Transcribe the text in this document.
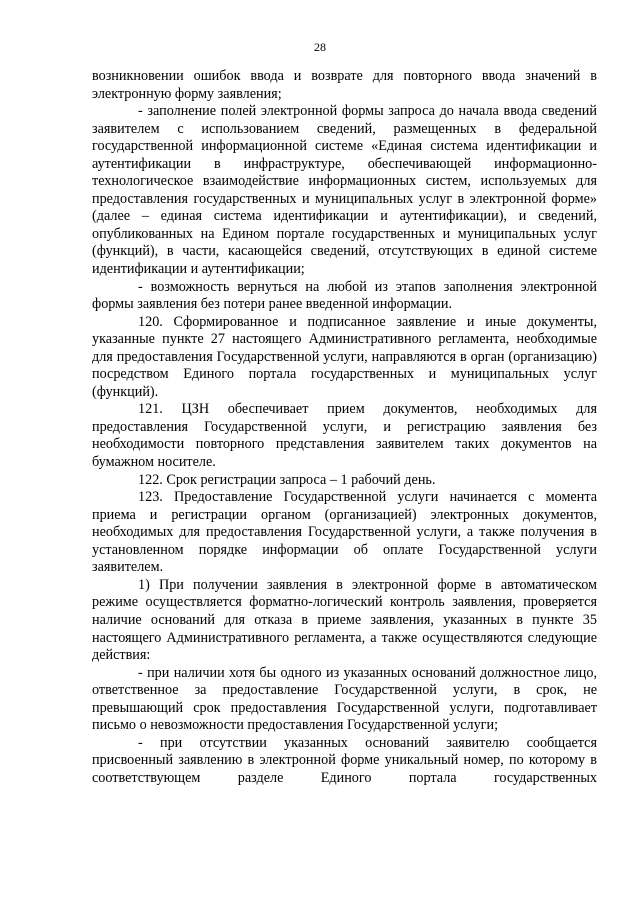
28

возникновении ошибок ввода и возврате для повторного ввода значений в электронную форму заявления;

- заполнение полей электронной формы запроса до начала ввода сведений заявителем с использованием сведений, размещенных в федеральной государственной информационной системе «Единая система идентификации и аутентификации в инфраструктуре, обеспечивающей информационно-технологическое взаимодействие информационных систем, используемых для предоставления государственных и муниципальных услуг в электронной форме» (далее – единая система идентификации и аутентификации), и сведений, опубликованных на Едином портале государственных и муниципальных услуг (функций), в части, касающейся сведений, отсутствующих в единой системе идентификации и аутентификации;

- возможность вернуться на любой из этапов заполнения электронной формы заявления без потери ранее введенной информации.

120. Сформированное и подписанное заявление и иные документы, указанные пункте 27 настоящего Административного регламента, необходимые для предоставления Государственной услуги, направляются в орган (организацию) посредством Единого портала государственных и муниципальных услуг (функций).

121. ЦЗН обеспечивает прием документов, необходимых для предоставления Государственной услуги, и регистрацию заявления без необходимости повторного представления заявителем таких документов на бумажном носителе.

122. Срок регистрации запроса – 1 рабочий день.

123. Предоставление Государственной услуги начинается с момента приема и регистрации органом (организацией) электронных документов, необходимых для предоставления Государственной услуги, а также получения в установленном порядке информации об оплате Государственной услуги заявителем.

1) При получении заявления в электронной форме в автоматическом режиме осуществляется форматно-логический контроль заявления, проверяется наличие оснований для отказа в приеме заявления, указанных в пункте 35 настоящего Административного регламента, а также осуществляются следующие действия:

- при наличии хотя бы одного из указанных оснований должностное лицо, ответственное за предоставление Государственной услуги, в срок, не превышающий срок предоставления Государственной услуги, подготавливает письмо о невозможности предоставления Государственной услуги;

- при отсутствии указанных оснований заявителю сообщается присвоенный заявлению в электронной форме уникальный номер, по которому в соответствующем разделе Единого портала государственных
